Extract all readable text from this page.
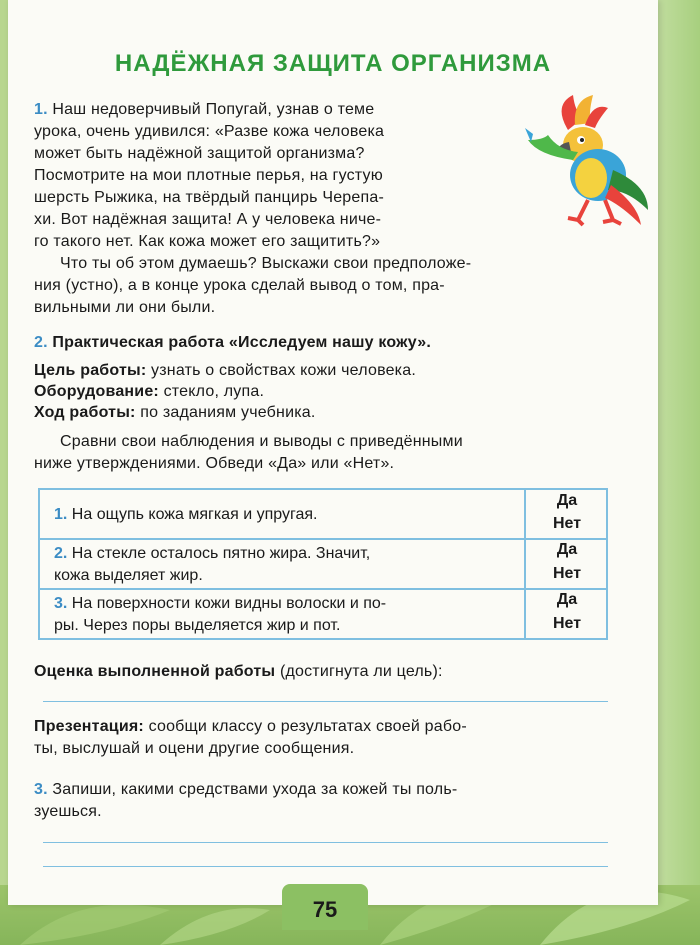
НАДЁЖНАЯ ЗАЩИТА ОРГАНИЗМА
1. Наш недоверчивый Попугай, узнав о теме
урока, очень удивился: «Разве кожа человека
может быть надёжной защитой организма?
Посмотрите на мои плотные перья, на густую
шерсть Рыжика, на твёрдый панцирь Черепа-
хи. Вот надёжная защита! А у человека ниче-
го такого нет. Как кожа может его защитить?»
Что ты об этом думаешь? Выскажи свои предположе-
ния (устно), а в конце урока сделай вывод о том, пра-
вильными ли они были.
2. Практическая работа «Исследуем нашу кожу».
Цель работы: узнать о свойствах кожи человека.
Оборудование: стекло, лупа.
Ход работы: по заданиям учебника.
Сравни свои наблюдения и выводы с приведёнными
ниже утверждениями. Обведи «Да» или «Нет».
1. На ощупь кожа мягкая и упругая.
Да
Нет
2. На стекле осталось пятно жира. Значит,
кожа выделяет жир.
Да
Нет
3. На поверхности кожи видны волоски и по-
ры. Через поры выделяется жир и пот.
Да
Нет
Оценка выполненной работы (достигнута ли цель):
Презентация: сообщи классу о результатах своей рабо-
ты, выслушай и оцени другие сообщения.
3. Запиши, какими средствами ухода за кожей ты поль-
зуешься.
75
